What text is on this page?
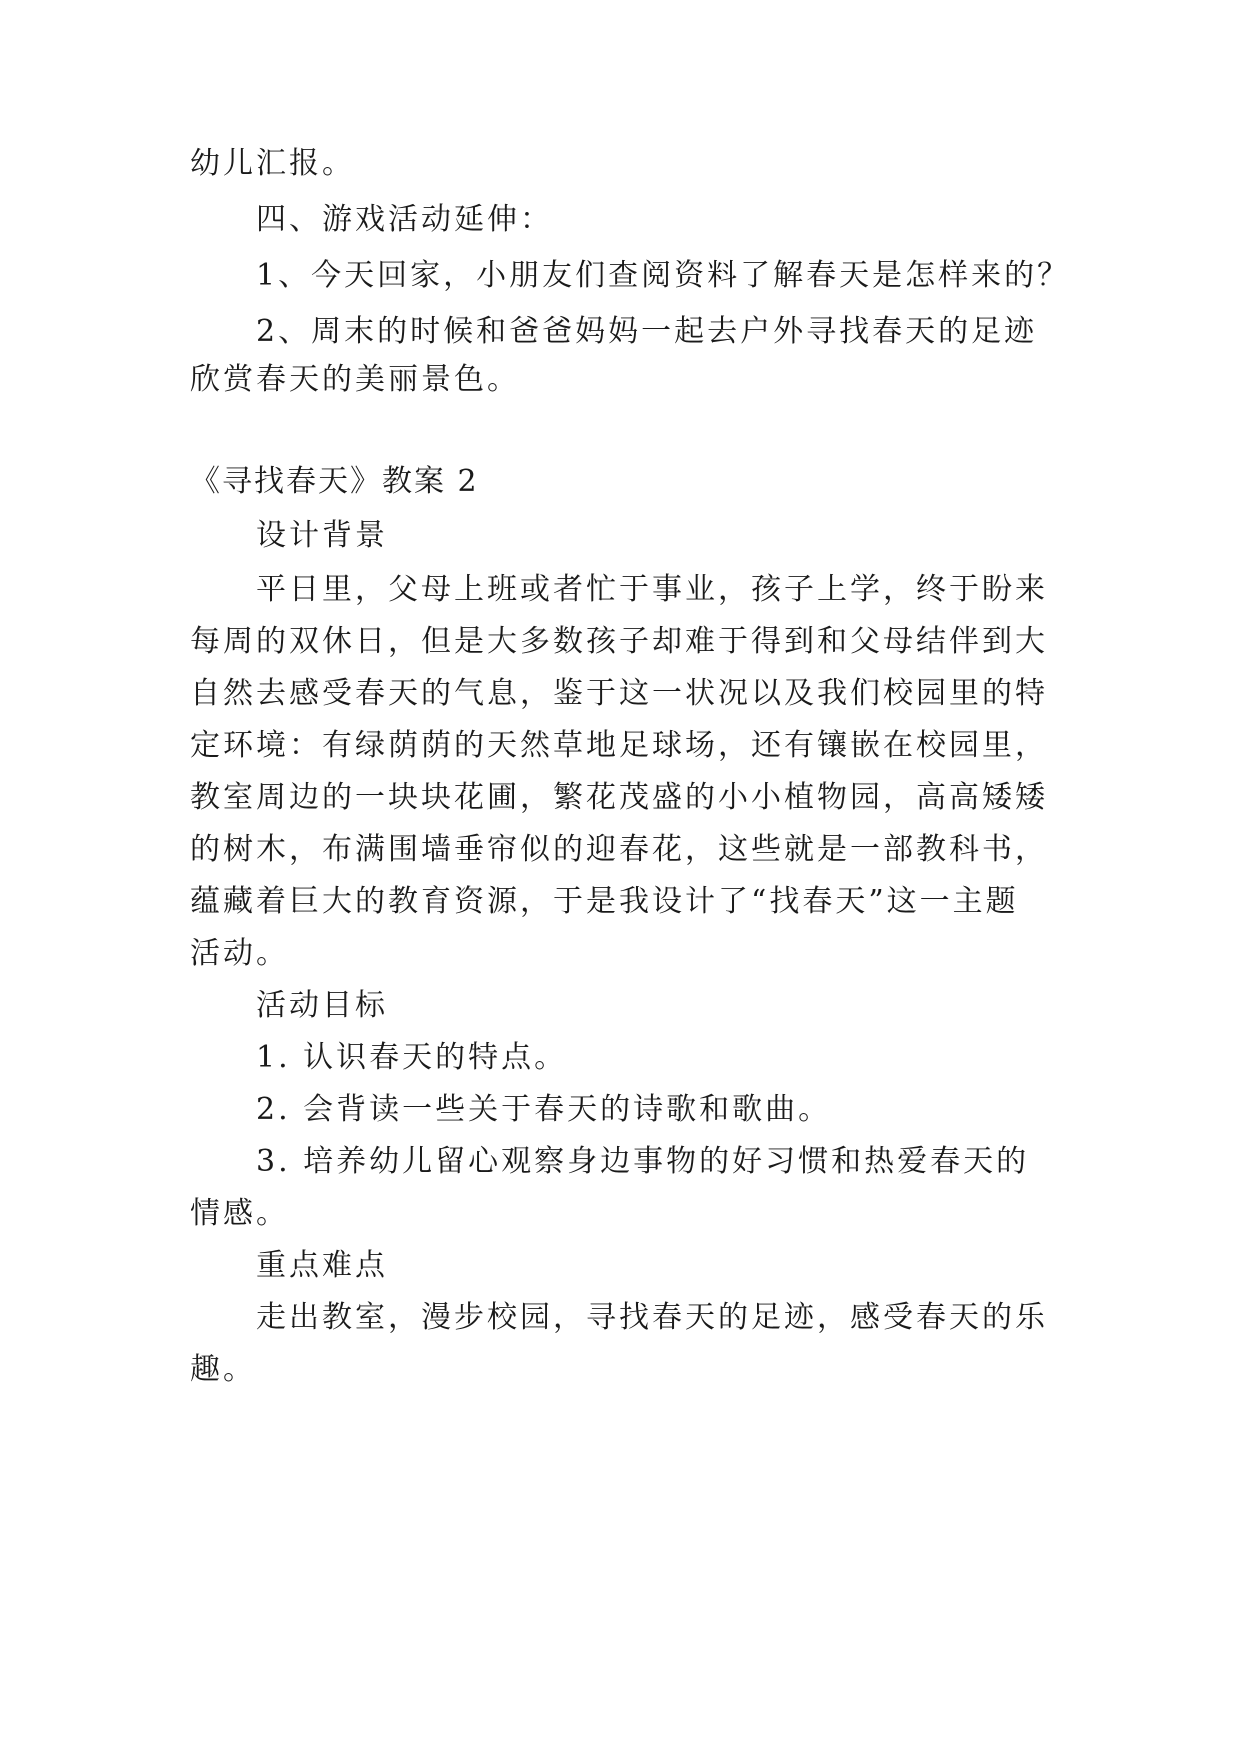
幼儿汇报。
四、游戏活动延伸：
1、今天回家，小朋友们查阅资料了解春天是怎样来的？
2、周末的时候和爸爸妈妈一起去户外寻找春天的足迹
欣赏春天的美丽景色。
《寻找春天》教案 2
设计背景
平日里，父母上班或者忙于事业，孩子上学，终于盼来
每周的双休日，但是大多数孩子却难于得到和父母结伴到大
自然去感受春天的气息，鉴于这一状况以及我们校园里的特
定环境：有绿荫荫的天然草地足球场，还有镶嵌在校园里，
教室周边的一块块花圃，繁花茂盛的小小植物园，高高矮矮
的树木，布满围墙垂帘似的迎春花，这些就是一部教科书，
蕴藏着巨大的教育资源，于是我设计了“找春天”这一主题
活动。
活动目标
1. 认识春天的特点。
2. 会背读一些关于春天的诗歌和歌曲。
3. 培养幼儿留心观察身边事物的好习惯和热爱春天的
情感。
重点难点
走出教室，漫步校园，寻找春天的足迹，感受春天的乐
趣。
